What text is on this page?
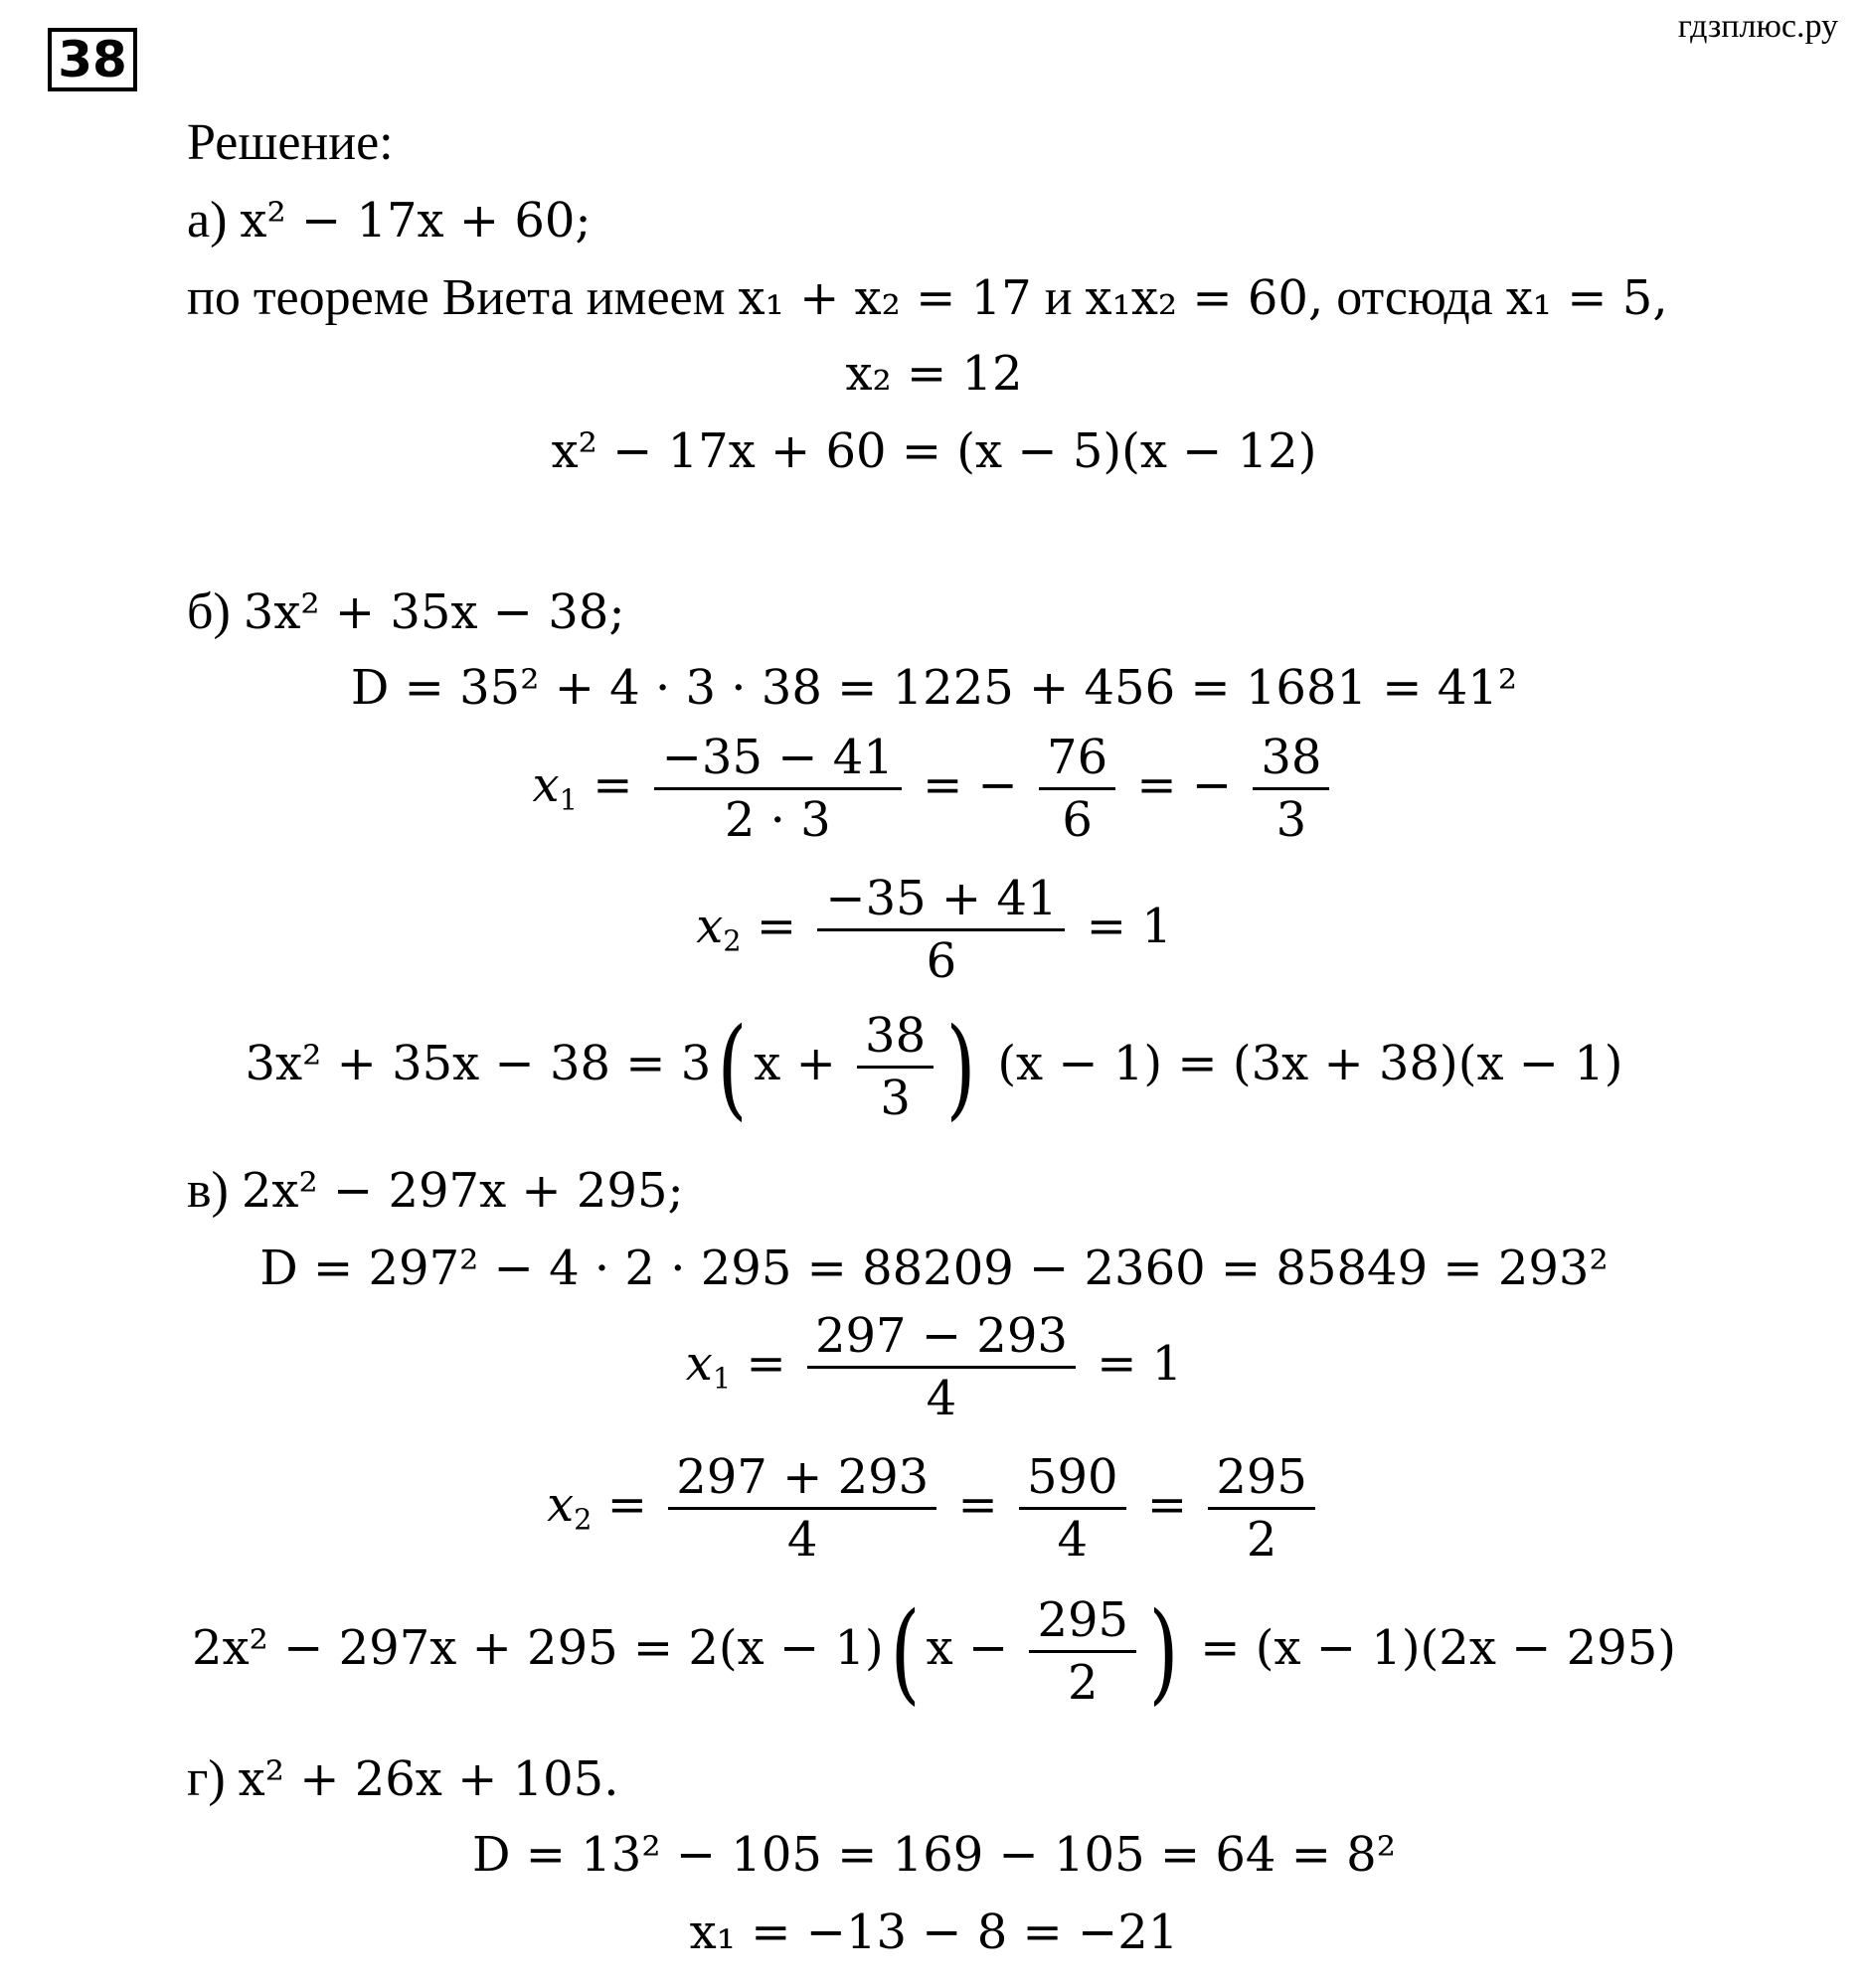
38
гдзплюс.ру
Решение:
а) x² − 17x + 60;
по теореме Виета имеем x₁ + x₂ = 17 и x₁x₂ = 60, отсюда x₁ = 5,
x₂ = 12
x² − 17x + 60 = (x − 5)(x − 12)
б) 3x² + 35x − 38;
D = 35² + 4 · 3 · 38 = 1225 + 456 = 1681 = 41²
$x_1 = \frac{-35 - 41}{2 \cdot 3}$ = − $\frac{76}{6}$ = − $\frac{38}{3}$
$x_2 = \frac{-35 + 41}{6} = 1$
3x² + 35x − 38 = 3( $x + \frac{38}{3}$ ) (x − 1) = (3x + 38)(x − 1)
в) 2x² − 297x + 295;
D = 297² − 4 · 2 · 295 = 88209 − 2360 = 85849 = 293²
$x_1 = \frac{297 - 293}{4} = 1$
$x_2 = \frac{297 + 293}{4} = \frac{590}{4} = \frac{295}{2}$
2x² − 297x + 295 = 2(x − 1)( $x - \frac{295}{2}$ ) = (x − 1)(2x − 295)
г) x² + 26x + 105.
D = 13² − 105 = 169 − 105 = 64 = 8²
x₁ = −13 − 8 = −21
